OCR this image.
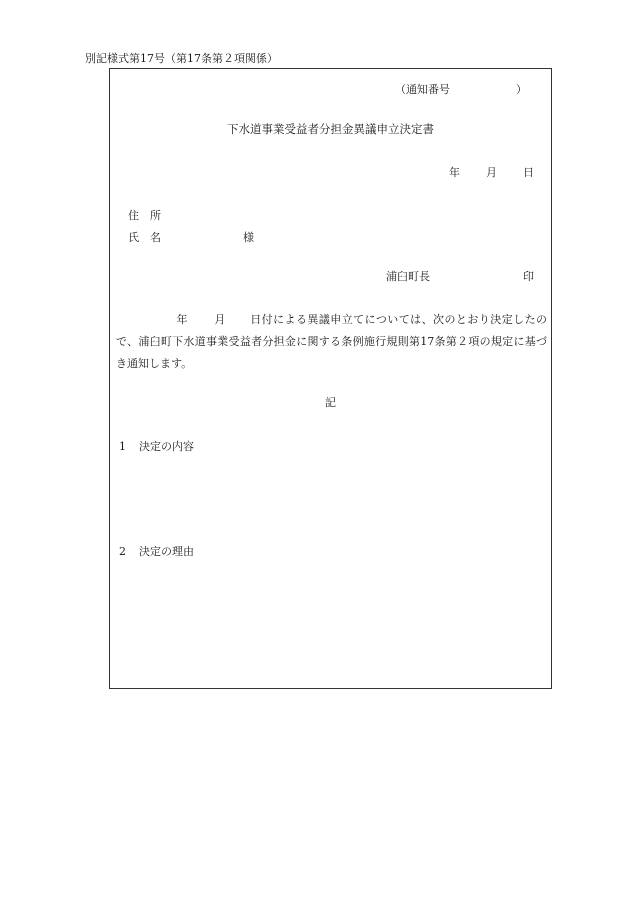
別記様式第17号（第17条第２項関係）
（通知番号　　　　　　）
下水道事業受益者分担金異議申立決定書
年 月 日
住　所
氏　名	様
浦臼町長	印
年 月 日付による異議申立てについては、次のとおり決定したので、浦臼町下水道事業受益者分担金に関する条例施行規則第17条第２項の規定に基づき通知します。
記
1 決定の内容
2 決定の理由
